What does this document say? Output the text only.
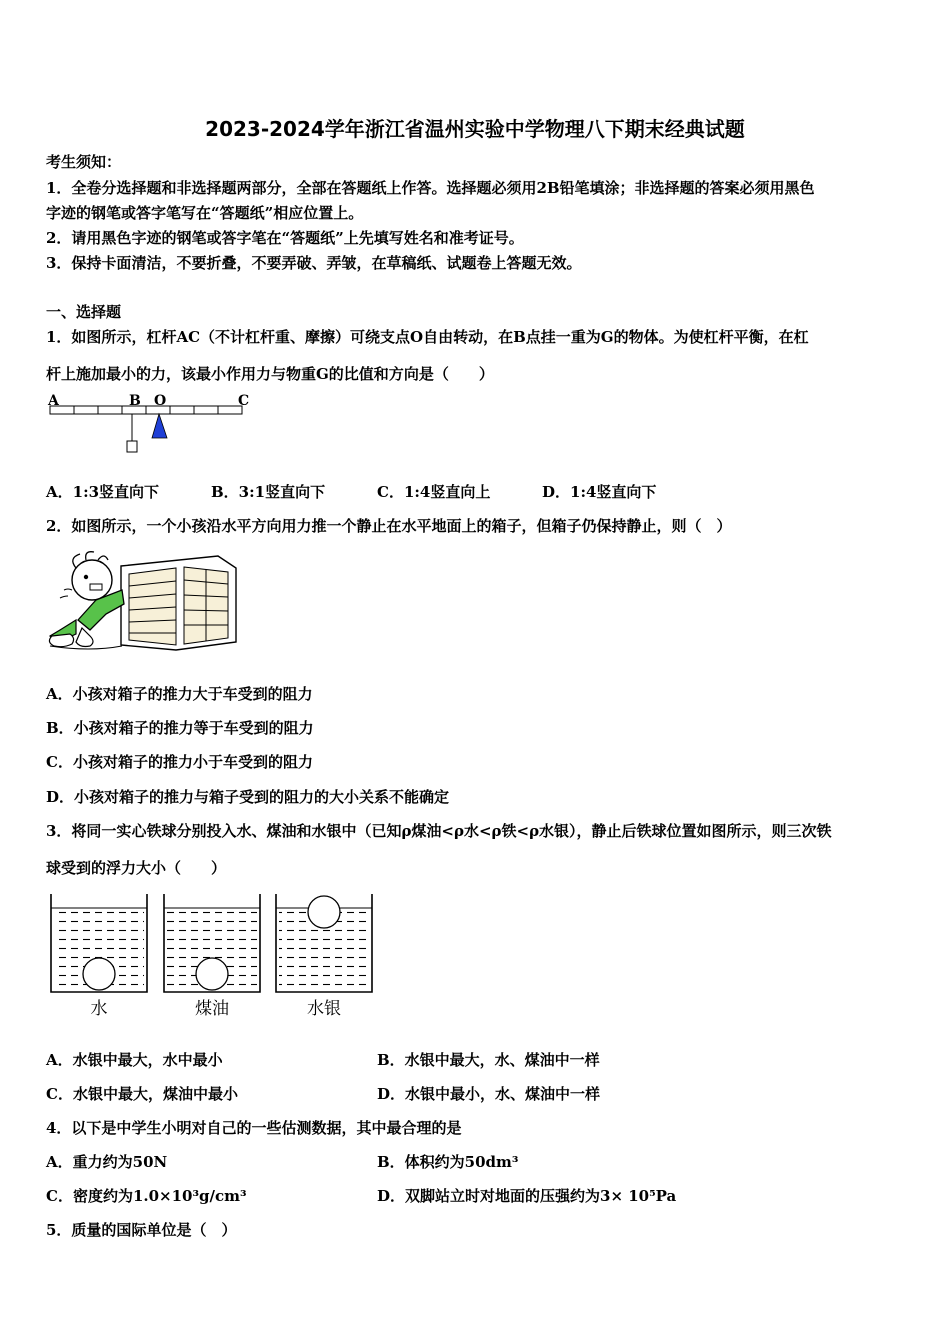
2023-2024学年浙江省温州实验中学物理八下期末经典试题
考生须知：
1．全卷分选择题和非选择题两部分，全部在答题纸上作答。选择题必须用2B铅笔填涂；非选择题的答案必须用黑色
字迹的钢笔或答字笔写在“答题纸”相应位置上。
2．请用黑色字迹的钢笔或答字笔在“答题纸”上先填写姓名和准考证号。
3．保持卡面清洁，不要折叠，不要弄破、弄皱，在草稿纸、试题卷上答题无效。
一、选择题
1．如图所示，杠杆AC（不计杠杆重、摩擦）可绕支点O自由转动，在B点挂一重为G的物体。为使杠杆平衡，在杠
杆上施加最小的力，该最小作用力与物重G的比值和方向是（　　）
A	B O	C
A．1:3竖直向下	B．3:1竖直向下	C．1:4竖直向上	D．1:4竖直向下
2．如图所示，一个小孩沿水平方向用力推一个静止在水平地面上的箱子，但箱子仍保持静止，则（　）
A．小孩对箱子的推力大于车受到的阻力
B．小孩对箱子的推力等于车受到的阻力
C．小孩对箱子的推力小于车受到的阻力
D．小孩对箱子的推力与箱子受到的阻力的大小关系不能确定
3．将同一实心铁球分别投入水、煤油和水银中（已知ρ煤油<ρ水<ρ铁<ρ水银），静止后铁球位置如图所示，则三次铁
球受到的浮力大小（　　）
水	煤油	水银
A．水银中最大，水中最小	B．水银中最大，水、煤油中一样
C．水银中最大，煤油中最小	D．水银中最小，水、煤油中一样
4．以下是中学生小明对自己的一些估测数据，其中最合理的是
A．重力约为50N	B．体积约为50dm³
C．密度约为1.0×10³g/cm³	D．双脚站立时对地面的压强约为3× 10⁵Pa
5．质量的国际单位是（　）
